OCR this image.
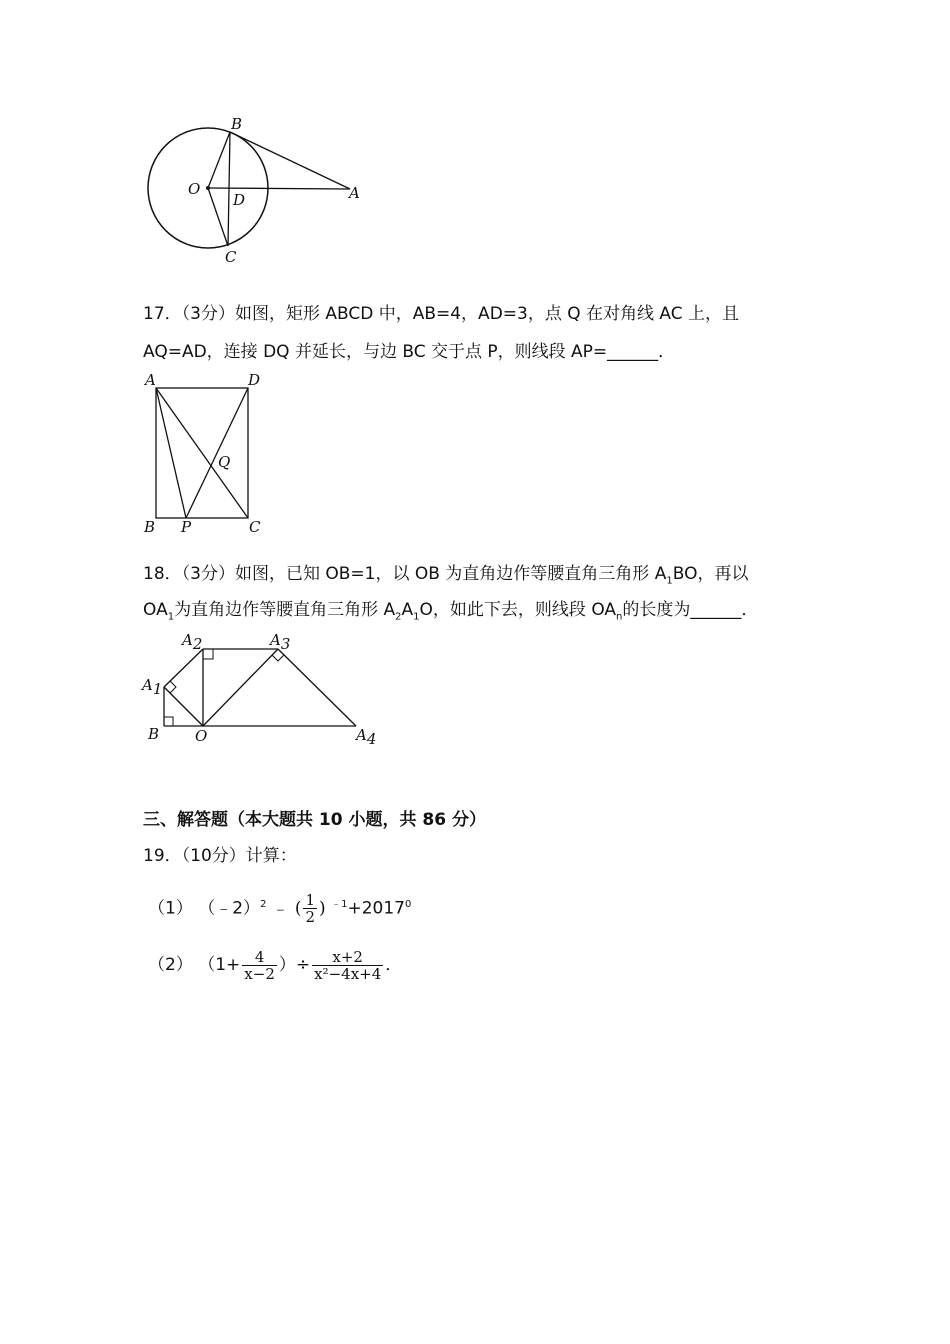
B
O
D	A
C
17．（3分）如图，矩形 ABCD 中，AB=4，AD=3，点 Q 在对角线 AC 上，且
AQ=AD，连接 DQ 并延长，与边 BC 交于点 P，则线段 AP=______．
A	D
Q
B P	C
18．（3分）如图，已知 OB=1，以 OB 为直角边作等腰直角三角形 $A_1BO$，再以
$OA_1$为直角边作等腰直角三角形 $A_2A_1O$，如此下去，则线段 $OA_n$的长度为______．
A1
A2	A3
A4
B O
三、解答题（本大题共 10 小题，共 86 分）
19．（10分）计算：
（1） （﹣2）$^2$ ﹣ ( $\frac{1}{2}$ ) $^{﹣1}+2017^0$
（2） （$1+ \frac{4}{x-2}$ ）÷ $\frac{x+2}{\text{x²−4x+4}}$ ．
